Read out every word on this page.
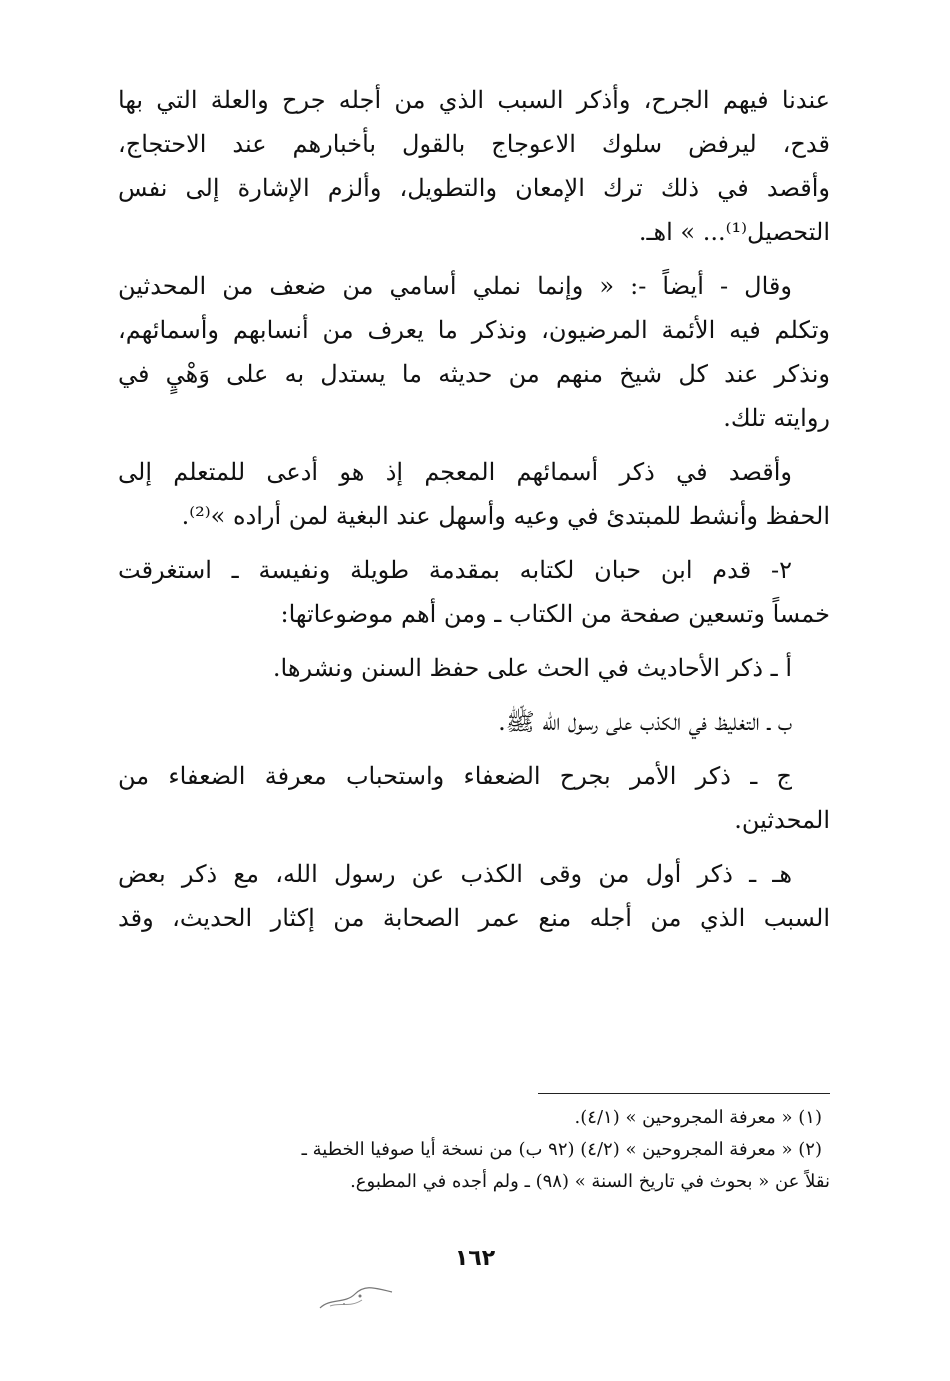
عندنا فيهم الجرح، وأذكر السبب الذي من أجله جرح والعلة التي بها

قدح، ليرفض سلوك الاعوجاج بالقول بأخبارهم عند الاحتجاج،

وأقصد في ذلك ترك الإمعان والتطويل، وألزم الإشارة إلى نفس

التحصيل⁽¹⁾... » اهـ.

وقال - أيضاً -: « وإنما نملي أسامي من ضعف من المحدثين

وتكلم فيه الأئمة المرضيون، ونذكر ما يعرف من أنسابهم وأسمائهم،

ونذكر عند كل شيخ منهم من حديثه ما يستدل به على وَهْيٍ في

روايته تلك.

وأقصد في ذكر أسمائهم المعجم إذ هو أدعى للمتعلم إلى

الحفظ وأنشط للمبتدئ في وعيه وأسهل عند البغية لمن أراده »⁽²⁾.

٢- قدم ابن حبان لكتابه بمقدمة طويلة ونفيسة ـ استغرقت

خمساً وتسعين صفحة من الكتاب ـ ومن أهم موضوعاتها:

أ ـ ذكر الأحاديث في الحث على حفظ السنن ونشرها.

ب ـ التغليظ في الكذب على رسول الله ﷺ.

ج ـ ذكر الأمر بجرح الضعفاء واستحباب معرفة الضعفاء من

المحدثين.

هـ ـ ذكر أول من وقى الكذب عن رسول الله، مع ذكر بعض

السبب الذي من أجله منع عمر الصحابة من إكثار الحديث، وقد

(١) « معرفة المجروحين » (٤/١).

(٢) « معرفة المجروحين » (٤/٢) (٩٢ ب) من نسخة أيا صوفيا الخطية ـ

نقلاً عن « بحوث في تاريخ السنة » (٩٨) ـ ولم أجده في المطبوع.

١٦٢
